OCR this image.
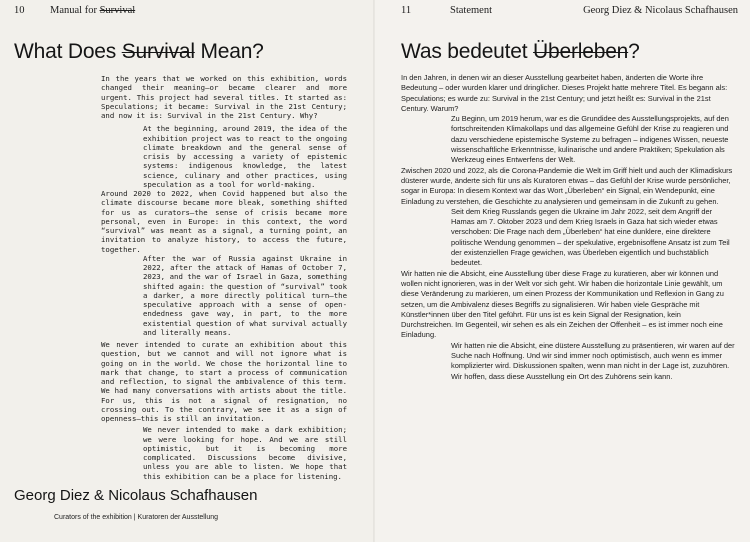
10 Manual for Survival
What Does Survival Mean?

In the years that we worked on this exhibition, words changed their meaning—or became clearer and more urgent. This project had several titles. It started as: Speculations; it became: Survival in the 21st Century; and now it is: Survival in the 21st Century. Why?

At the beginning, around 2019, the idea of the exhibition project was to react to the ongoing climate breakdown and the general sense of crisis by accessing a variety of epistemic systems: indigenous knowledge, the latest science, culinary and other practices, using speculation as a tool for world-making.

Around 2020 to 2022, when Covid happened but also the climate discourse became more bleak, something shifted for us as curators—the sense of crisis became more personal, even in Europe: in this context, the word “survival” was meant as a signal, a turning point, an invitation to analyze history, to access the future, together.

After the war of Russia against Ukraine in 2022, after the attack of Hamas of October 7, 2023, and the war of Israel in Gaza, something shifted again: the question of “survival” took a darker, a more directly political turn—the speculative approach with a sense of open-endedness gave way, in part, to the more existential question of what survival actually and literally means.

We never intended to curate an exhibition about this question, but we cannot and will not ignore what is going on in the world. We chose the horizontal line to mark that change, to start a process of communication and reflection, to signal the ambivalence of this term. We had many conversations with artists about the title. For us, this is not a signal of resignation, no crossing out. To the contrary, we see it as a sign of openness—this is still an invitation.

We never intended to make a dark exhibition; we were looking for hope. And we are still optimistic, but it is becoming more complicated. Discussions become divisive, unless you are able to listen. We hope that this exhibition can be a place for listening.

Georg Diez & Nicolaus Schafhausen
Curators of the exhibition | Kuratoren der Ausstellung
11	Statement	Georg Diez & Nicolaus Schafhausen
Was bedeutet Überleben?

In den Jahren, in denen wir an dieser Ausstellung gearbeitet haben, änderten die Worte ihre Bedeutung – oder wurden klarer und dringlicher. Dieses Projekt hatte mehrere Titel. Es begann als: Speculations; es wurde zu: Survival in the 21st Century; und jetzt heißt es: Survival in the 21st Century. Warum?

Zu Beginn, um 2019 herum, war es die Grundidee des Ausstellungsprojekts, auf den fortschreitenden Klimakollaps und das allgemeine Gefühl der Krise zu reagieren und dazu verschiedene epistemische Systeme zu befragen – indigenes Wissen, neueste wissenschaftliche Erkenntnisse, kulinarische und andere Praktiken; Spekulation als Werkzeug eines Entwerfens der Welt.

Zwischen 2020 und 2022, als die Corona-Pandemie die Welt im Griff hielt und auch der Klimadiskurs düsterer wurde, änderte sich für uns als Kuratoren etwas – das Gefühl der Krise wurde persönlicher, sogar in Europa: In diesem Kontext war das Wort „Überleben“ ein Signal, ein Wendepunkt, eine Einladung zu verstehen, die Geschichte zu analysieren und gemeinsam in die Zukunft zu gehen.

Seit dem Krieg Russlands gegen die Ukraine im Jahr 2022, seit dem Angriff der Hamas am 7. Oktober 2023 und dem Krieg Israels in Gaza hat sich wieder etwas verschoben: Die Frage nach dem „Überleben“ hat eine dunklere, eine direktere politische Wendung genommen – der spekulative, ergebnisoffene Ansatz ist zum Teil der existenziellen Frage gewichen, was Überleben eigentlich und buchstäblich bedeutet.

Wir hatten nie die Absicht, eine Ausstellung über diese Frage zu kuratieren, aber wir können und wollen nicht ignorieren, was in der Welt vor sich geht. Wir haben die horizontale Linie gewählt, um diese Veränderung zu markieren, um einen Prozess der Kommunikation und Reflexion in Gang zu setzen, um die Ambivalenz dieses Begriffs zu signalisieren. Wir haben viele Gespräche mit Künstler*innen über den Titel geführt. Für uns ist es kein Signal der Resignation, kein Durchstreichen. Im Gegenteil, wir sehen es als ein Zeichen der Offenheit – es ist immer noch eine Einladung.

Wir hatten nie die Absicht, eine düstere Ausstellung zu präsentieren, wir waren auf der Suche nach Hoffnung. Und wir sind immer noch optimistisch, auch wenn es immer komplizierter wird. Diskussionen spalten, wenn man nicht in der Lage ist, zuzuhören. Wir hoffen, dass diese Ausstellung ein Ort des Zuhörens sein kann.
